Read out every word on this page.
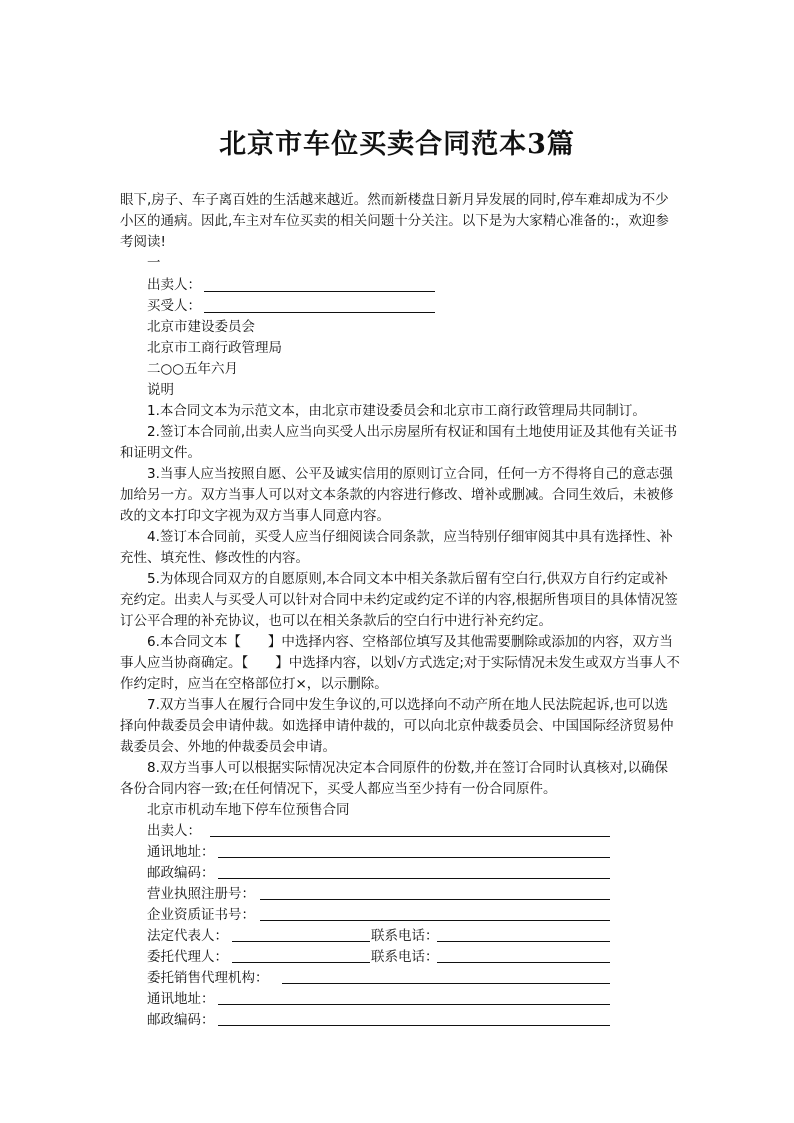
北京市车位买卖合同范本3篇
眼下,房子、车子离百姓的生活越来越近。然而新楼盘日新月异发展的同时,停车难却成为不少小区的通病。因此,车主对车位买卖的相关问题十分关注。以下是为大家精心准备的:，欢迎参考阅读!
一
出卖人：
买受人：
北京市建设委员会
北京市工商行政管理局
二○○五年六月
说明
1.本合同文本为示范文本，由北京市建设委员会和北京市工商行政管理局共同制订。
2.签订本合同前,出卖人应当向买受人出示房屋所有权证和国有土地使用证及其他有关证书和证明文件。
3.当事人应当按照自愿、公平及诚实信用的原则订立合同，任何一方不得将自己的意志强加给另一方。双方当事人可以对文本条款的内容进行修改、增补或删减。合同生效后，未被修改的文本打印文字视为双方当事人同意内容。
4.签订本合同前，买受人应当仔细阅读合同条款，应当特别仔细审阅其中具有选择性、补充性、填充性、修改性的内容。
5.为体现合同双方的自愿原则,本合同文本中相关条款后留有空白行,供双方自行约定或补充约定。出卖人与买受人可以针对合同中未约定或约定不详的内容,根据所售项目的具体情况签订公平合理的补充协议，也可以在相关条款后的空白行中进行补充约定。
6.本合同文本【　　】中选择内容、空格部位填写及其他需要删除或添加的内容，双方当事人应当协商确定。【　　】中选择内容，以划√方式选定;对于实际情况未发生或双方当事人不作约定时，应当在空格部位打×，以示删除。
7.双方当事人在履行合同中发生争议的,可以选择向不动产所在地人民法院起诉,也可以选择向仲裁委员会申请仲裁。如选择申请仲裁的，可以向北京仲裁委员会、中国国际经济贸易仲裁委员会、外地的仲裁委员会申请。
8.双方当事人可以根据实际情况决定本合同原件的份数,并在签订合同时认真核对,以确保各份合同内容一致;在任何情况下，买受人都应当至少持有一份合同原件。
北京市机动车地下停车位预售合同
出卖人：
通讯地址：
邮政编码：
营业执照注册号：
企业资质证书号：
法定代表人：	联系电话：
委托代理人：	联系电话：
委托销售代理机构：
通讯地址：
邮政编码：
